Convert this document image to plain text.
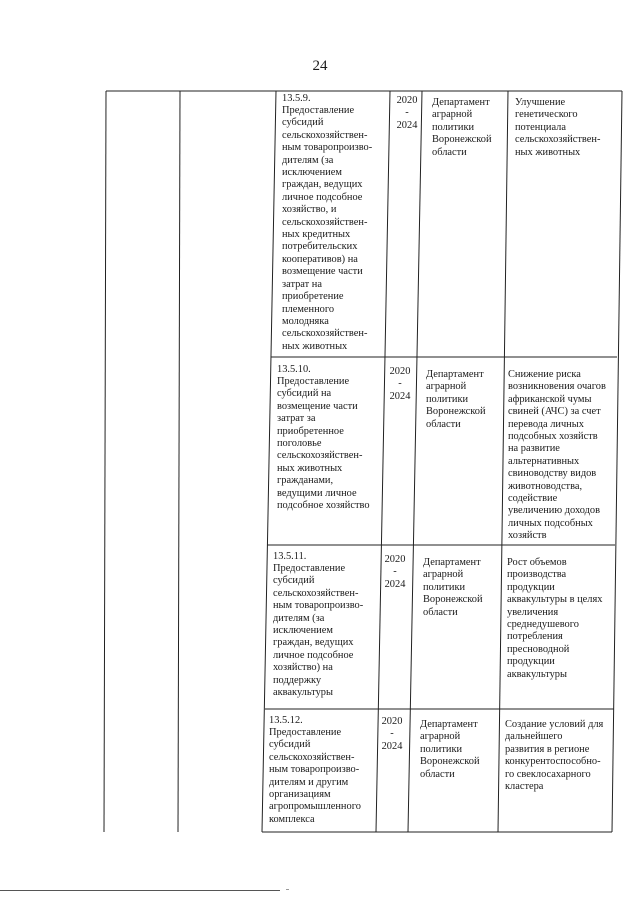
24
13.5.9.
Предоставление
субсидий
сельскохозяйствен-
ным товаропроизво-
дителям (за
исключением
граждан, ведущих
личное подсобное
хозяйство, и
сельскохозяйствен-
ных кредитных
потребительских
кооперативов) на
возмещение части
затрат на
приобретение
племенного
молодняка
сельскохозяйствен-
ных животных
2020
-
2024
Департамент
аграрной
политики
Воронежской
области
Улучшение
генетического
потенциала
сельскохозяйствен-
ных животных
13.5.10.
Предоставление
субсидий на
возмещение части
затрат за
приобретенное
поголовье
сельскохозяйствен-
ных животных
гражданами,
ведущими личное
подсобное хозяйство
2020
-
2024
Департамент
аграрной
политики
Воронежской
области
Снижение риска
возникновения очагов
африканской чумы
свиней (АЧС) за счет
перевода личных
подсобных хозяйств
на развитие
альтернативных
свиноводству видов
животноводства,
содействие
увеличению доходов
личных подсобных
хозяйств
13.5.11.
Предоставление
субсидий
сельскохозяйствен-
ным товаропроизво-
дителям (за
исключением
граждан, ведущих
личное подсобное
хозяйство) на
поддержку
аквакультуры
2020
-
2024
Департамент
аграрной
политики
Воронежской
области
Рост объемов
производства
продукции
аквакультуры в целях
увеличения
среднедушевого
потребления
пресноводной
продукции
аквакультуры
13.5.12.
Предоставление
субсидий
сельскохозяйствен-
ным товаропроизво-
дителям и другим
организациям
агропромышленного
комплекса
2020
-
2024
Департамент
аграрной
политики
Воронежской
области
Создание условий для
дальнейшего
развития в регионе
конкурентоспособно-
го свеклосахарного
кластера
